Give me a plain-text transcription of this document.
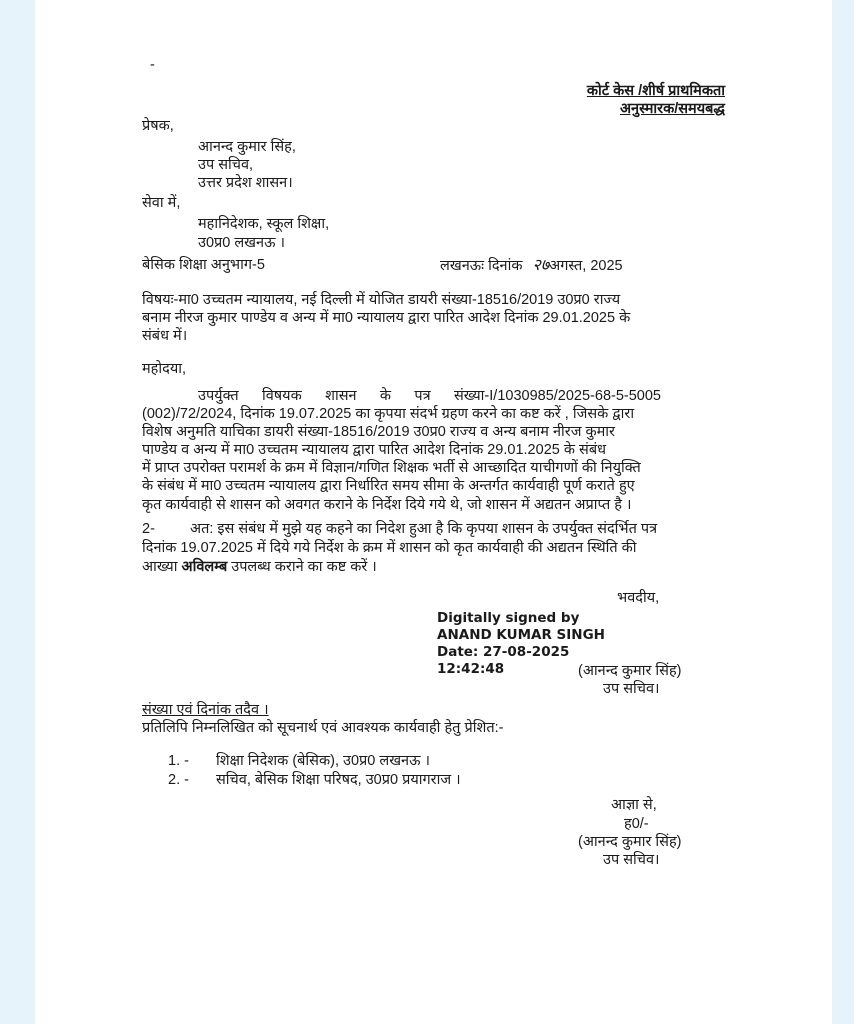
-
कोर्ट केस /शीर्ष प्राथमिकता
अनुस्मारक/समयबद्ध
प्रेषक,
आनन्द कुमार सिंह,
उप सचिव,
उत्तर प्रदेश शासन।
सेवा में,
महानिदेशक, स्कूल शिक्षा,
उ0प्र0 लखनऊ ।
बेसिक शिक्षा अनुभाग-5	लखनऊः दिनांक २७अगस्त, 2025
विषयः-मा0 उच्चतम न्यायालय, नई दिल्ली में योजित डायरी संख्या-18516/2019 उ0प्र0 राज्य
बनाम नीरज कुमार पाण्डेय व अन्य में मा0 न्यायालय द्वारा पारित आदेश दिनांक 29.01.2025 के
संबंध में।
महोदया,
उपर्युक्त विषयक शासन के पत्र संख्या-I/1030985/2025-68-5-5005
(002)/72/2024, दिनांक 19.07.2025 का कृपया संदर्भ ग्रहण करने का कष्ट करें , जिसके द्वारा
विशेष अनुमति याचिका डायरी संख्या-18516/2019 उ0प्र0 राज्य व अन्य बनाम नीरज कुमार
पाण्डेय व अन्य में मा0 उच्चतम न्यायालय द्वारा पारित आदेश दिनांक 29.01.2025 के संबंध
में प्राप्त उपरोक्त परामर्श के क्रम में विज्ञान/गणित शिक्षक भर्ती से आच्छादित याचीगणों की नियुक्ति
के संबंध में मा0 उच्चतम न्यायालय द्वारा निर्धारित समय सीमा के अन्तर्गत कार्यवाही पूर्ण कराते हुए
कृत कार्यवाही से शासन को अवगत कराने के निर्देश दिये गये थे, जो शासन में अद्यतन अप्राप्त है ।
2- अत: इस संबंध में मुझे यह कहने का निदेश हुआ है कि कृपया शासन के उपर्युक्त संदर्भित पत्र
दिनांक 19.07.2025 में दिये गये निर्देश के क्रम में शासन को कृत कार्यवाही की अद्यतन स्थिति की
आख्या अविलम्ब उपलब्ध कराने का कष्ट करें ।
भवदीय,
Digitally signed by
ANAND KUMAR SINGH
Date: 27-08-2025
12:42:48	(आनन्द कुमार सिंह)
उप सचिव।
संख्या एवं दिनांक तदैव ।
प्रतिलिपि निम्नलिखित को सूचनार्थ एवं आवश्यक कार्यवाही हेतु प्रेशित:-
1. - शिक्षा निदेशक (बेसिक), उ0प्र0 लखनऊ ।
2. - सचिव, बेसिक शिक्षा परिषद, उ0प्र0 प्रयागराज ।
आज्ञा से,
ह0/-
(आनन्द कुमार सिंह)
उप सचिव।
